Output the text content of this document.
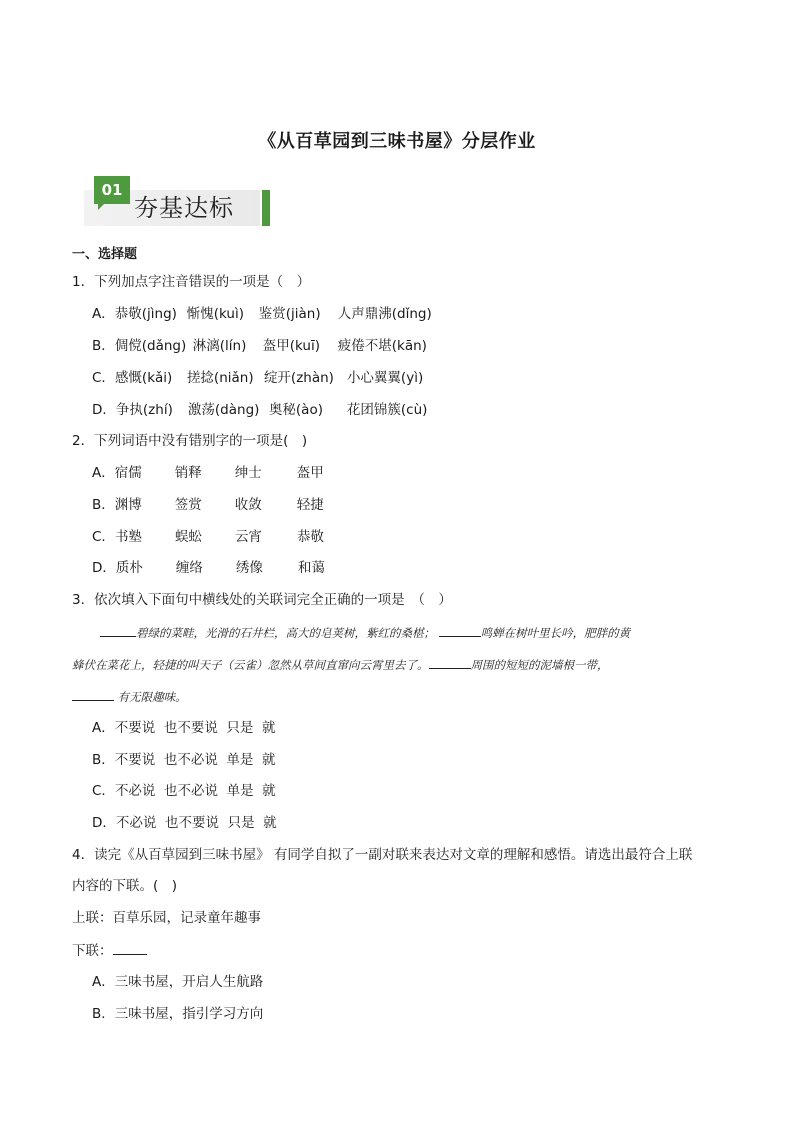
《从百草园到三味书屋》分层作业
01
夯基达标
一、选择题
1．下列加点字注音错误的一项是（　）
A．恭敬(jìng) 惭愧(kuì) 鉴赏(jiàn) 人声鼎沸(dǐng)
B．倜傥(dǎng) 淋漓(lín) 盔甲(kuī) 疲倦不堪(kān)
C．感慨(kǎi) 搓捻(niǎn) 绽开(zhàn) 小心翼翼(yì)
D．争执(zhí) 激荡(dàng) 奥秘(ào) 花团锦簇(cù)
2．下列词语中没有错别字的一项是(　)
A．宿儒 销释 绅士	盔甲
B．渊博 签赏 收敛	轻捷
C．书塾 蜈蚣 云宵	恭敬
D．质朴 缠络 绣像	和蔼
3．依次填入下面句中横线处的关联词完全正确的一项是　（　）
碧绿的菜畦，光滑的石井栏，高大的皂荚树，紫红的桑椹；	鸣蝉在树叶里长吟，肥胖的黄
蜂伏在菜花上，轻捷的叫天子（云雀）忽然从草间直窜向云霄里去了。	周围的短短的泥墙根一带，
有无限趣味。
A．不要说  也不要说  只是  就
B．不要说  也不必说  单是  就
C．不必说  也不必说  单是  就
D．不必说  也不要说  只是  就
4．读完《从百草园到三味书屋》 有同学自拟了一副对联来表达对文章的理解和感悟。请选出最符合上联
内容的下联。(　)
上联：百草乐园，记录童年趣事
下联：
A．三味书屋，开启人生航路
B．三味书屋，指引学习方向
